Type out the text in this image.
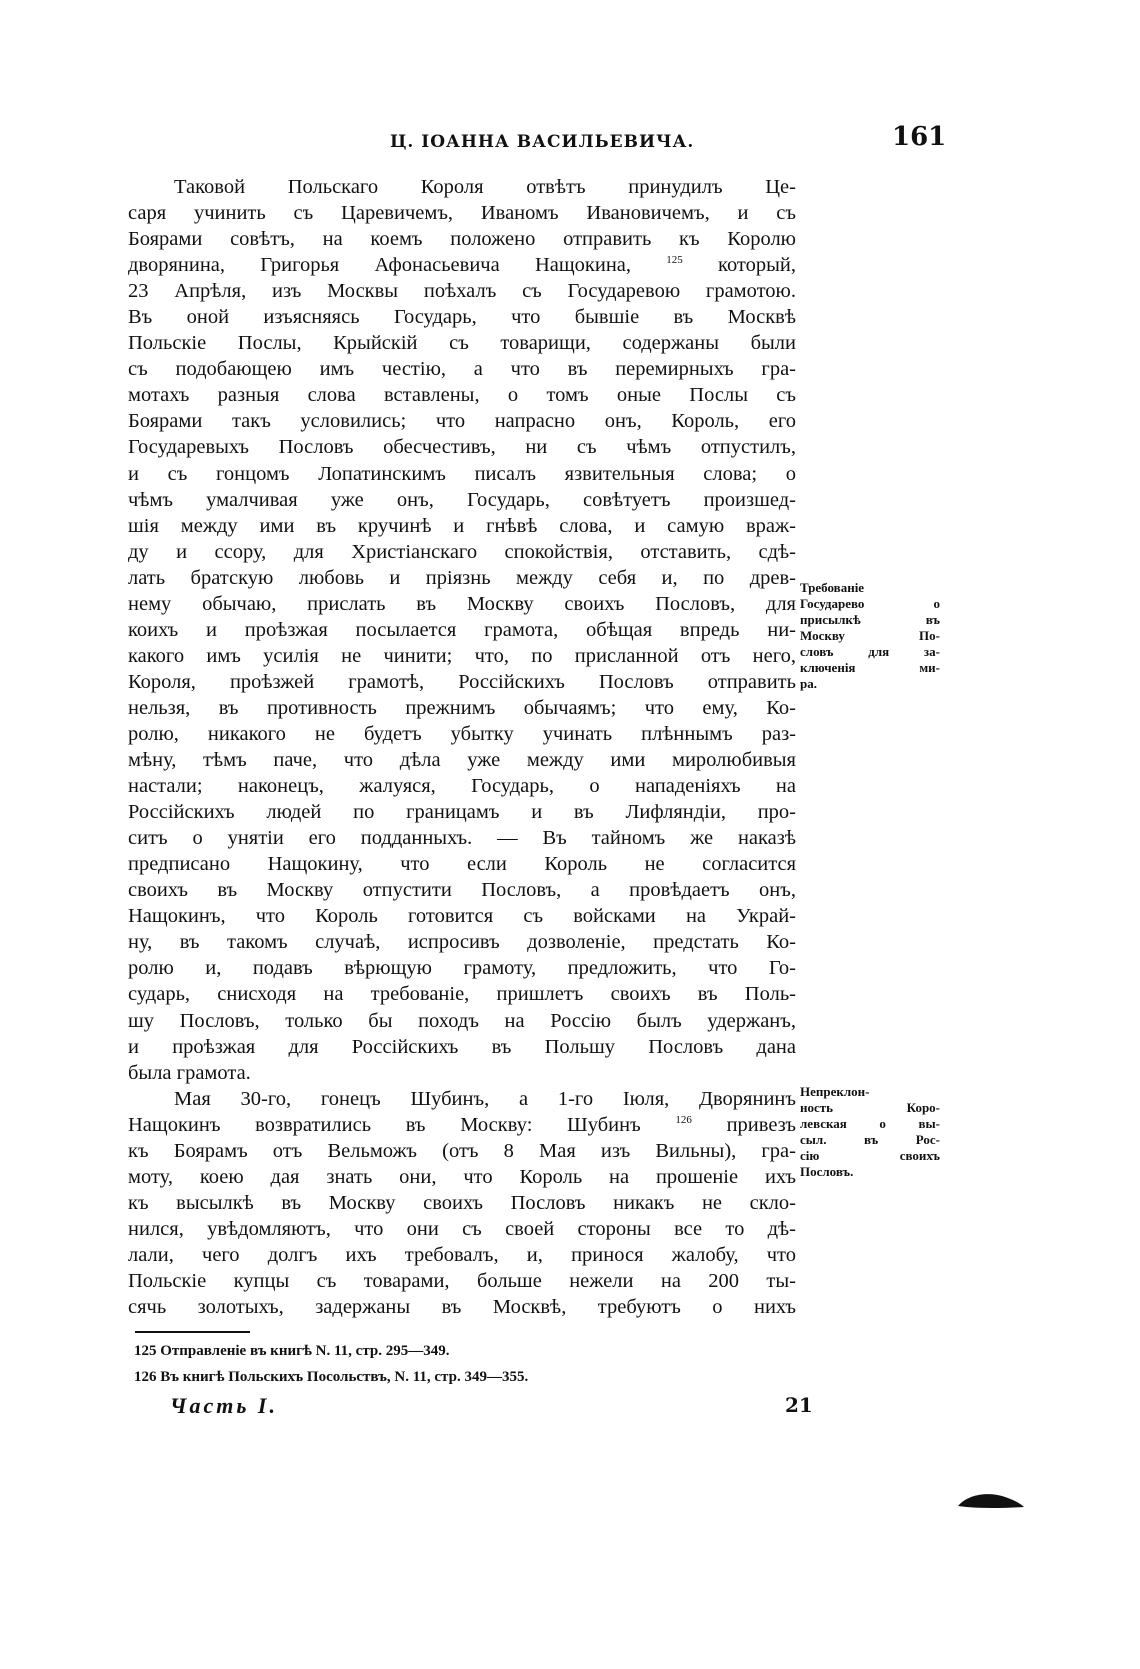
Ц. ІОАННА ВАСИЛЬЕВИЧА.	161
Таковой Польскаго Короля отвѣтъ принудилъ Це-
саря учинить съ Царевичемъ, Иваномъ Ивановичемъ, и съ
Боярами совѣтъ, на коемъ положено отправить къ Королю
дворянина, Григорья Афонасьевича Нащокина,	$^{125}$ который,
23 Апрѣля, изъ Москвы поѣхалъ съ Государевою грамотою.
Въ оной изъясняясь Государь, что бывшіе въ Москвѣ
Польскіе Послы, Крыйскій съ товарищи, содержаны были
съ подобающею имъ честію, а что въ перемирныхъ гра-
мотахъ разныя слова вставлены, о томъ оные Послы съ
Боярами такъ условились; что напрасно онъ, Король, его
Государевыхъ Пословъ обесчестивъ, ни съ чѣмъ отпустилъ,
и съ гонцомъ Лопатинскимъ писалъ язвительныя слова; о
чѣмъ умалчивая уже онъ, Государь, совѣтуетъ произшед-
шія между ими въ кручинѣ и гнѣвѣ слова, и самую враж-
ду и ссору, для Христіанскаго спокойствія, отставить, сдѣ-
лать братскую любовь и пріязнь между себя и, по древ-
нему обычаю, прислать въ Москву своихъ Пословъ, для
коихъ и проѣзжая посылается грамота, обѣщая впредь ни-
какого имъ усилія не чинити; что, по присланной отъ него,
Короля, проѣзжей грамотѣ, Россійскихъ Пословъ отправить
нельзя, въ противность прежнимъ обычаямъ; что ему, Ко-
ролю, никакого не будетъ убытку учинать плѣннымъ раз-
мѣну, тѣмъ паче, что дѣла уже между ими миролюбивыя
настали; наконецъ, жалуяся, Государь, о нападеніяхъ на
Россійскихъ людей по границамъ и въ Лифляндіи, про-
ситъ о унятіи его подданныхъ. — Въ тайномъ же наказѣ
предписано Нащокину, что если Король не согласится
своихъ въ Москву отпустити Пословъ, а провѣдаетъ онъ,
Нащокинъ, что Король готовится съ войсками на Украй-
ну, въ такомъ случаѣ, испросивъ дозволеніе, предстать Ко-
ролю и, подавъ вѣрющую грамоту, предложить, что Го-
сударь, снисходя на требованіе, пришлетъ своихъ въ Поль-
шу Пословъ, только бы походъ на Россію былъ удержанъ,
и проѣзжая для Россійскихъ въ Польшу Пословъ дана
была грамота.
Мая 30-го, гонецъ Шубинъ, а 1-го Іюля, Дворянинъ
Нащокинъ возвратились въ Москву: Шубинъ	$^{126}$ привезъ
къ Боярамъ отъ Вельможъ (отъ 8 Мая изъ Вильны), гра-
моту, коею дая знать они, что Король на прошеніе ихъ
къ высылкѣ въ Москву своихъ Пословъ никакъ не скло-
нился, увѣдомляютъ, что они съ своей стороны все то дѣ-
лали, чего долгъ ихъ требовалъ, и, принося жалобу, что
Польскіе купцы съ товарами, больше нежели на 200 ты-
сячь золотыхъ, задержаны въ Москвѣ, требуютъ о нихъ
Требованіе
Государево о
присылкѣ въ
Москву По-
словъ для за-
ключенія ми-
ра.
Непреклон-
ность Коро-
левская о вы-
сыл. въ Рос-
сію своихъ
Пословъ.
125 Отправленіе въ книгѣ N. 11, стр. 295—349.
126 Въ книгѣ Польскихъ Посольствъ, N. 11, стр. 349—355.
Часть I.	21
